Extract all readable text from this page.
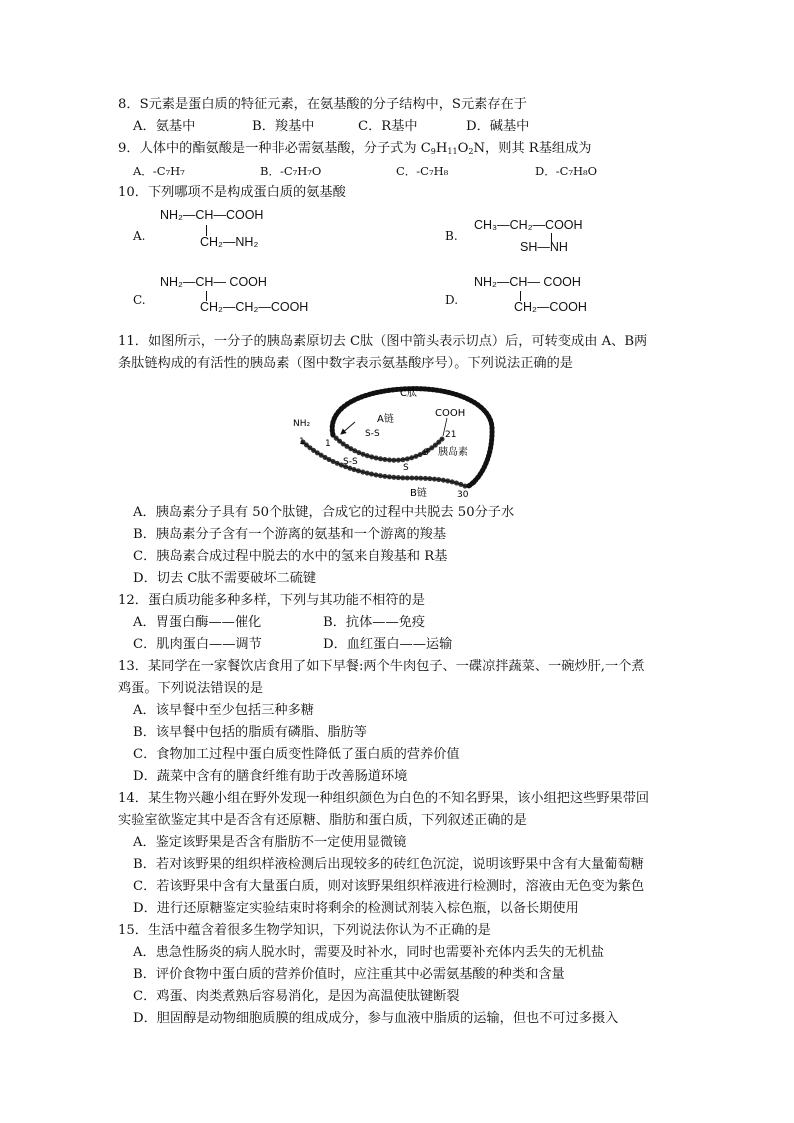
8．S元素是蛋白质的特征元素，在氨基酸的分子结构中，S元素存在于
A．氨基中	B．羧基中	C．R基中	D．碱基中
9．人体中的酯氨酸是一种非必需氨基酸，分子式为 $C_9H_{11}O_2N$，则其 R基组成为
A．-C₇H₇	B．-C₇H₇O	C．-C₇H₈	D．-C₇H₈O
10．下列哪项不是构成蛋白质的氨基酸
A.
NH₂—CH—COOH
CH₂—NH₂	B.
CH₃—CH₂—COOH
SH—NH
C.
NH₂—CH— COOH
CH₂—CH₂—COOH	D.
NH₂—CH— COOH
CH₂—COOH
11．如图所示，一分子的胰岛素原切去 C肽（图中箭头表示切点）后，可转变成由 A、B两
条肽链构成的有活性的胰岛素（图中数字表示氨基酸序号）。下列说法正确的是
C肽
A链
COOH
NH₂
1 1
21
S-S
S-S
S
S
胰岛素
B链	30
A．胰岛素分子具有 50个肽键，合成它的过程中共脱去 50分子水
B．胰岛素分子含有一个游离的氨基和一个游离的羧基
C．胰岛素合成过程中脱去的水中的氢来自羧基和 R基
D．切去 C肽不需要破坏二硫键
12．蛋白质功能多种多样，下列与其功能不相符的是
A．胃蛋白酶——催化	B．抗体——免疫
C．肌肉蛋白——调节	D．血红蛋白——运输
13．某同学在一家餐饮店食用了如下早餐:两个牛肉包子、一碟凉拌蔬菜、一碗炒肝,一个煮
鸡蛋。下列说法错误的是
A．该早餐中至少包括三种多糖
B．该早餐中包括的脂质有磷脂、脂肪等
C．食物加工过程中蛋白质变性降低了蛋白质的营养价值
D．蔬菜中含有的膳食纤维有助于改善肠道环境
14．某生物兴趣小组在野外发现一种组织颜色为白色的不知名野果，该小组把这些野果带回
实验室欲鉴定其中是否含有还原糖、脂肪和蛋白质，下列叙述正确的是
A．鉴定该野果是否含有脂肪不一定使用显微镜
B．若对该野果的组织样液检测后出现较多的砖红色沉淀，说明该野果中含有大量葡萄糖
C．若该野果中含有大量蛋白质，则对该野果组织样液进行检测时，溶液由无色变为紫色
D．进行还原糖鉴定实验结束时将剩余的检测试剂装入棕色瓶，以备长期使用
15．生活中蕴含着很多生物学知识，下列说法你认为不正确的是
A．患急性肠炎的病人脱水时，需要及时补水，同时也需要补充体内丢失的无机盐
B．评价食物中蛋白质的营养价值时，应注重其中必需氨基酸的种类和含量
C．鸡蛋、肉类煮熟后容易消化，是因为高温使肽键断裂
D．胆固醇是动物细胞质膜的组成成分，参与血液中脂质的运输，但也不可过多摄入
